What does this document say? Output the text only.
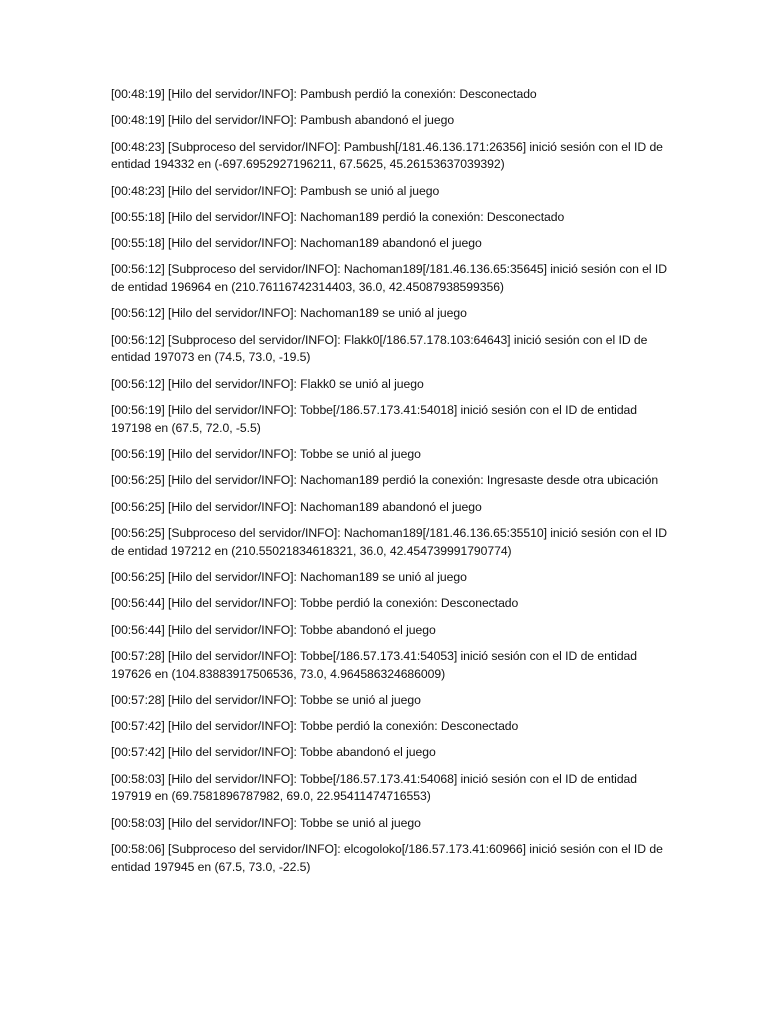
[00:48:19] [Hilo del servidor/INFO]: Pambush perdió la conexión: Desconectado

[00:48:19] [Hilo del servidor/INFO]: Pambush abandonó el juego

[00:48:23] [Subproceso del servidor/INFO]: Pambush[/181.46.136.171:26356] inició sesión con el ID de entidad 194332 en (-697.6952927196211, 67.5625, 45.26153637039392)

[00:48:23] [Hilo del servidor/INFO]: Pambush se unió al juego

[00:55:18] [Hilo del servidor/INFO]: Nachoman189 perdió la conexión: Desconectado

[00:55:18] [Hilo del servidor/INFO]: Nachoman189 abandonó el juego

[00:56:12] [Subproceso del servidor/INFO]: Nachoman189[/181.46.136.65:35645] inició sesión con el ID de entidad 196964 en (210.76116742314403, 36.0, 42.45087938599356)

[00:56:12] [Hilo del servidor/INFO]: Nachoman189 se unió al juego

[00:56:12] [Subproceso del servidor/INFO]: Flakk0[/186.57.178.103:64643] inició sesión con el ID de entidad 197073 en (74.5, 73.0, -19.5)

[00:56:12] [Hilo del servidor/INFO]: Flakk0 se unió al juego

[00:56:19] [Hilo del servidor/INFO]: Tobbe[/186.57.173.41:54018] inició sesión con el ID de entidad 197198 en (67.5, 72.0, -5.5)

[00:56:19] [Hilo del servidor/INFO]: Tobbe se unió al juego

[00:56:25] [Hilo del servidor/INFO]: Nachoman189 perdió la conexión: Ingresaste desde otra ubicación

[00:56:25] [Hilo del servidor/INFO]: Nachoman189 abandonó el juego

[00:56:25] [Subproceso del servidor/INFO]: Nachoman189[/181.46.136.65:35510] inició sesión con el ID de entidad 197212 en (210.55021834618321, 36.0, 42.454739991790774)

[00:56:25] [Hilo del servidor/INFO]: Nachoman189 se unió al juego

[00:56:44] [Hilo del servidor/INFO]: Tobbe perdió la conexión: Desconectado

[00:56:44] [Hilo del servidor/INFO]: Tobbe abandonó el juego

[00:57:28] [Hilo del servidor/INFO]: Tobbe[/186.57.173.41:54053] inició sesión con el ID de entidad 197626 en (104.83883917506536, 73.0, 4.964586324686009)

[00:57:28] [Hilo del servidor/INFO]: Tobbe se unió al juego

[00:57:42] [Hilo del servidor/INFO]: Tobbe perdió la conexión: Desconectado

[00:57:42] [Hilo del servidor/INFO]: Tobbe abandonó el juego

[00:58:03] [Hilo del servidor/INFO]: Tobbe[/186.57.173.41:54068] inició sesión con el ID de entidad 197919 en (69.7581896787982, 69.0, 22.95411474716553)

[00:58:03] [Hilo del servidor/INFO]: Tobbe se unió al juego

[00:58:06] [Subproceso del servidor/INFO]: elcogoloko[/186.57.173.41:60966] inició sesión con el ID de entidad 197945 en (67.5, 73.0, -22.5)
